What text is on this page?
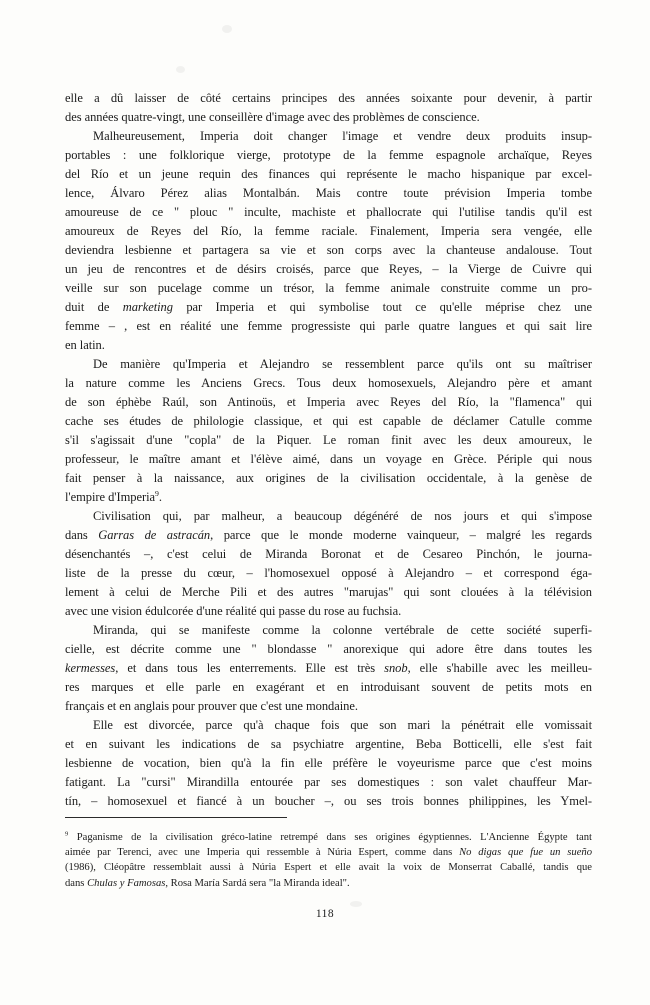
elle a dû laisser de côté certains principes des années soixante pour devenir, à partir
des années quatre-vingt, une conseillère d'image avec des problèmes de conscience.
Malheureusement, Imperia doit changer l'image et vendre deux produits insup-
portables : une folklorique vierge, prototype de la femme espagnole archaïque, Reyes
del Río et un jeune requin des finances qui représente le macho hispanique par excel-
lence, Álvaro Pérez alias Montalbán. Mais contre toute prévision Imperia tombe
amoureuse de ce " plouc " inculte, machiste et phallocrate qui l'utilise tandis qu'il est
amoureux de Reyes del Río, la femme raciale. Finalement, Imperia sera vengée, elle
deviendra lesbienne et partagera sa vie et son corps avec la chanteuse andalouse. Tout
un jeu de rencontres et de désirs croisés, parce que Reyes, – la Vierge de Cuivre qui
veille sur son pucelage comme un trésor, la femme animale construite comme un pro-
duit de marketing par Imperia et qui symbolise tout ce qu'elle méprise chez une
femme – , est en réalité une femme progressiste qui parle quatre langues et qui sait lire
en latin.
De manière qu'Imperia et Alejandro se ressemblent parce qu'ils ont su maîtriser
la nature comme les Anciens Grecs. Tous deux homosexuels, Alejandro père et amant
de son éphèbe Raúl, son Antinoüs, et Imperia avec Reyes del Río, la "flamenca" qui
cache ses études de philologie classique, et qui est capable de déclamer Catulle comme
s'il s'agissait d'une "copla" de la Piquer. Le roman finit avec les deux amoureux, le
professeur, le maître amant et l'élève aimé, dans un voyage en Grèce. Périple qui nous
fait penser à la naissance, aux origines de la civilisation occidentale, à la genèse de
l'empire d'Imperia$^9$.
Civilisation qui, par malheur, a beaucoup dégénéré de nos jours et qui s'impose
dans Garras de astracán, parce que le monde moderne vainqueur, – malgré les regards
désenchantés –, c'est celui de Miranda Boronat et de Cesareo Pinchón, le journa-
liste de la presse du cœur, – l'homosexuel opposé à Alejandro – et correspond éga-
lement à celui de Merche Pili et des autres "marujas" qui sont clouées à la télévision
avec une vision édulcorée d'une réalité qui passe du rose au fuchsia.
Miranda, qui se manifeste comme la colonne vertébrale de cette société superfi-
cielle, est décrite comme une " blondasse " anorexique qui adore être dans toutes les
kermesses, et dans tous les enterrements. Elle est très snob, elle s'habille avec les meilleu-
res marques et elle parle en exagérant et en introduisant souvent de petits mots en
français et en anglais pour prouver que c'est une mondaine.
Elle est divorcée, parce qu'à chaque fois que son mari la pénétrait elle vomissait
et en suivant les indications de sa psychiatre argentine, Beba Botticelli, elle s'est fait
lesbienne de vocation, bien qu'à la fin elle préfère le voyeurisme parce que c'est moins
fatigant. La "cursi" Mirandilla entourée par ses domestiques : son valet chauffeur Mar-
tín, – homosexuel et fiancé à un boucher –, ou ses trois bonnes philippines, les Ymel-
$^9$ Paganisme de la civilisation gréco-latine retrempé dans ses origines égyptiennes. L'Ancienne Égypte tant
aimée par Terenci, avec une Imperia qui ressemble à Núria Espert, comme dans No digas que fue un sueño
(1986), Cléopâtre ressemblait aussi à Núria Espert et elle avait la voix de Monserrat Caballé, tandis que
dans Chulas y Famosas, Rosa María Sardá sera "la Miranda ideal".
118
